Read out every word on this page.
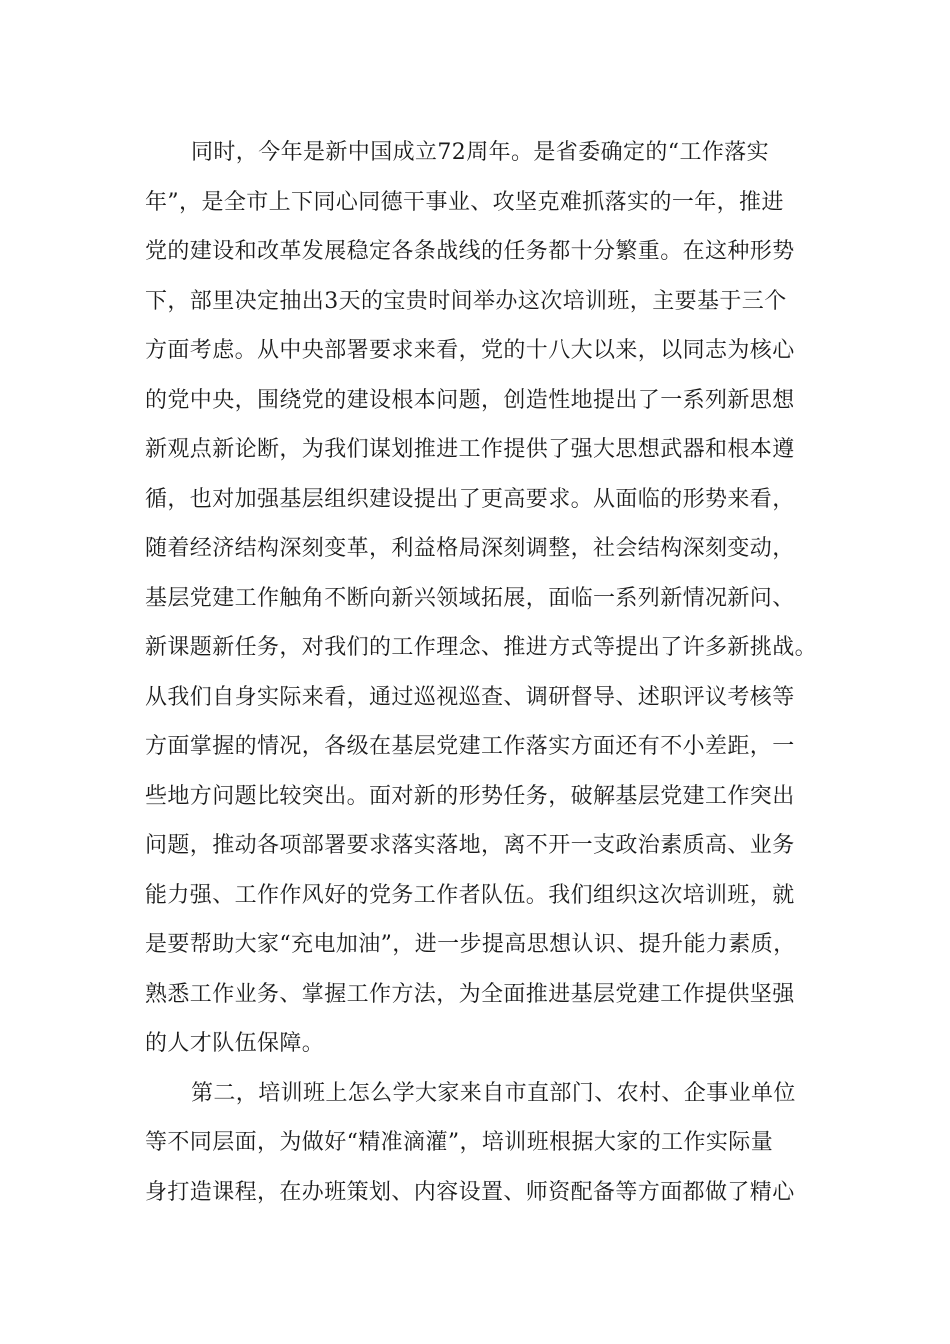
同时，今年是新中国成立72周年。是省委确定的“工作落实
年”，是全市上下同心同德干事业、攻坚克难抓落实的一年，推进
党的建设和改革发展稳定各条战线的任务都十分繁重。在这种形势
下，部里决定抽出3天的宝贵时间举办这次培训班，主要基于三个
方面考虑。从中央部署要求来看，党的十八大以来，以同志为核心
的党中央，围绕党的建设根本问题，创造性地提出了一系列新思想
新观点新论断，为我们谋划推进工作提供了强大思想武器和根本遵
循，也对加强基层组织建设提出了更高要求。从面临的形势来看，
随着经济结构深刻变革，利益格局深刻调整，社会结构深刻变动，
基层党建工作触角不断向新兴领域拓展，面临一系列新情况新问、
新课题新任务，对我们的工作理念、推进方式等提出了许多新挑战。
从我们自身实际来看，通过巡视巡查、调研督导、述职评议考核等
方面掌握的情况，各级在基层党建工作落实方面还有不小差距，一
些地方问题比较突出。面对新的形势任务，破解基层党建工作突出
问题，推动各项部署要求落实落地，离不开一支政治素质高、业务
能力强、工作作风好的党务工作者队伍。我们组织这次培训班，就
是要帮助大家“充电加油”，进一步提高思想认识、提升能力素质，
熟悉工作业务、掌握工作方法，为全面推进基层党建工作提供坚强
的人才队伍保障。
第二，培训班上怎么学大家来自市直部门、农村、企事业单位
等不同层面，为做好“精准滴灌”，培训班根据大家的工作实际量
身打造课程，在办班策划、内容设置、师资配备等方面都做了精心
